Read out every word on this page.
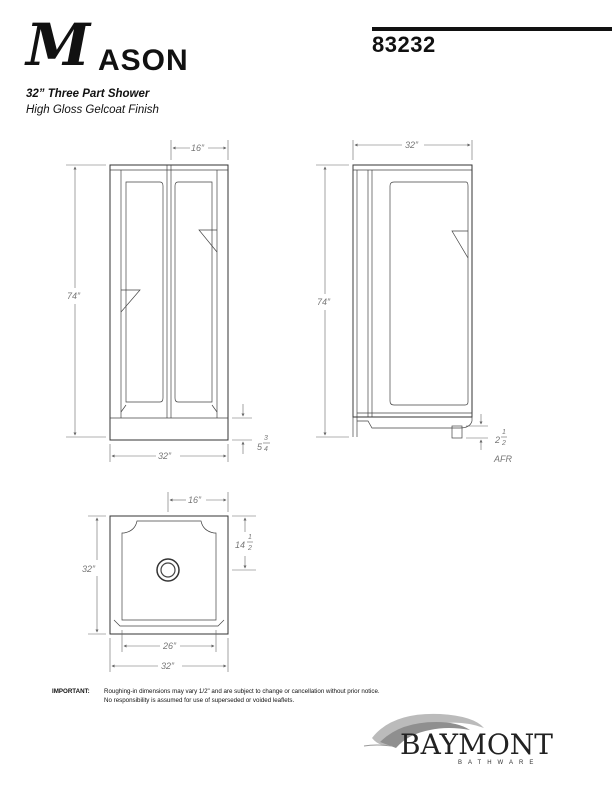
M ASON	83232
32” Three Part Shower
High Gloss Gelcoat Finish
16”
74”
32”
5
3
4
32”
74”
2
1
2
AFR
16”
14
1
2
32”
26”
32”
IMPORTANT: Roughing-in dimensions may vary 1/2" and are subject to change or cancellation without prior notice.
No responsibility is assumed for use of superseded or voided leaflets.
BAYMONT
BATHWARE
